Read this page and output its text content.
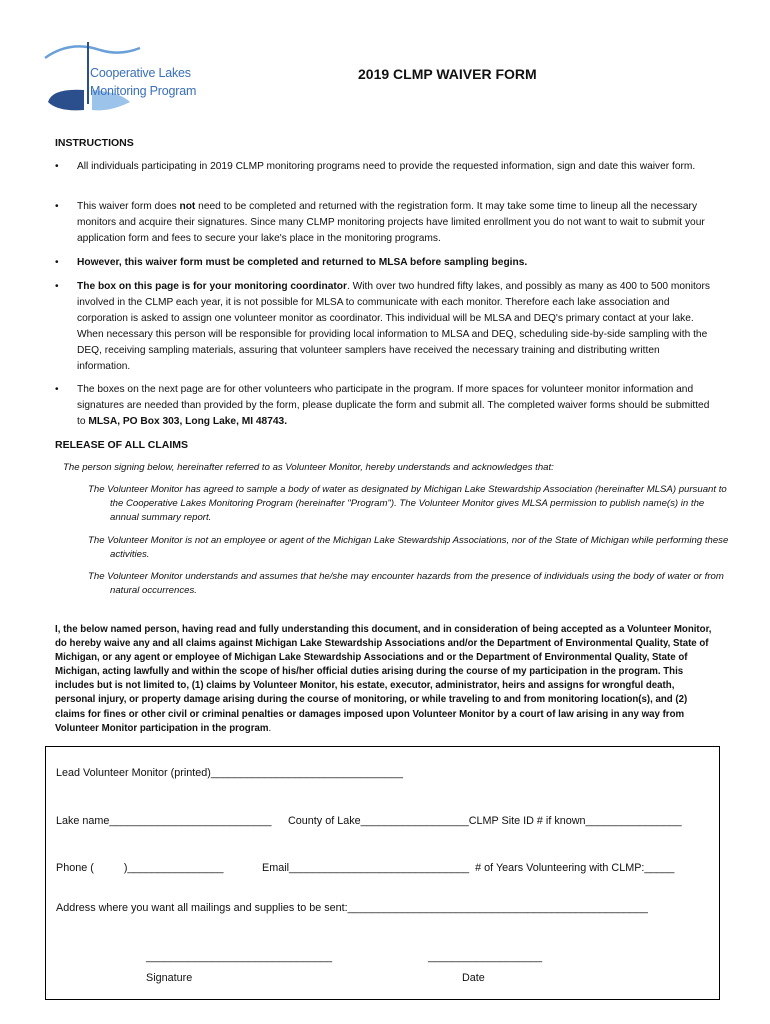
Cooperative Lakes
Monitoring Program
2019 CLMP WAIVER FORM
INSTRUCTIONS
• All individuals participating in 2019 CLMP monitoring programs need to provide the requested information, sign and date this waiver form.
• This waiver form does not need to be completed and returned with the registration form. It may take some time to lineup all the necessary monitors and acquire their signatures. Since many CLMP monitoring projects have limited enrollment you do not want to wait to submit your application form and fees to secure your lake's place in the monitoring programs.
• However, this waiver form must be completed and returned to MLSA before sampling begins.
• The box on this page is for your monitoring coordinator. With over two hundred fifty lakes, and possibly as many as 400 to 500 monitors involved in the CLMP each year, it is not possible for MLSA to communicate with each monitor. Therefore each lake association and corporation is asked to assign one volunteer monitor as coordinator. This individual will be MLSA and DEQ's primary contact at your lake. When necessary this person will be responsible for providing local information to MLSA and DEQ, scheduling side-by-side sampling with the DEQ, receiving sampling materials, assuring that volunteer samplers have received the necessary training and distributing written information.
• The boxes on the next page are for other volunteers who participate in the program. If more spaces for volunteer monitor information and signatures are needed than provided by the form, please duplicate the form and submit all. The completed waiver forms should be submitted to MLSA, PO Box 303, Long Lake, MI 48743.
RELEASE OF ALL CLAIMS
The person signing below, hereinafter referred to as Volunteer Monitor, hereby understands and acknowledges that:
The Volunteer Monitor has agreed to sample a body of water as designated by Michigan Lake Stewardship Association (hereinafter MLSA) pursuant to the Cooperative Lakes Monitoring Program (hereinafter "Program"). The Volunteer Monitor gives MLSA permission to publish name(s) in the annual summary report.
The Volunteer Monitor is not an employee or agent of the Michigan Lake Stewardship Associations, nor of the State of Michigan while performing these activities.
The Volunteer Monitor understands and assumes that he/she may encounter hazards from the presence of individuals using the body of water or from natural occurrences.
I, the below named person, having read and fully understanding this document, and in consideration of being accepted as a Volunteer Monitor, do hereby waive any and all claims against Michigan Lake Stewardship Associations and/or the Department of Environmental Quality, State of Michigan, or any agent or employee of Michigan Lake Stewardship Associations and or the Department of Environmental Quality, State of Michigan, acting lawfully and within the scope of his/her official duties arising during the course of my participation in the program. This includes but is not limited to, (1) claims by Volunteer Monitor, his estate, executor, administrator, heirs and assigns for wrongful death, personal injury, or property damage arising during the course of monitoring, or while traveling to and from monitoring location(s), and (2) claims for fines or other civil or criminal penalties or damages imposed upon Volunteer Monitor by a court of law arising in any way from Volunteer Monitor participation in the program.
Lead Volunteer Monitor (printed)________________________________
Lake name___________________________ County of Lake__________________CLMP Site ID # if known________________
Phone (          )________________	Email______________________________  # of Years Volunteering with CLMP:_____
Address where you want all mailings and supplies to be sent:__________________________________________________
_______________________________	___________________
Signature	Date
